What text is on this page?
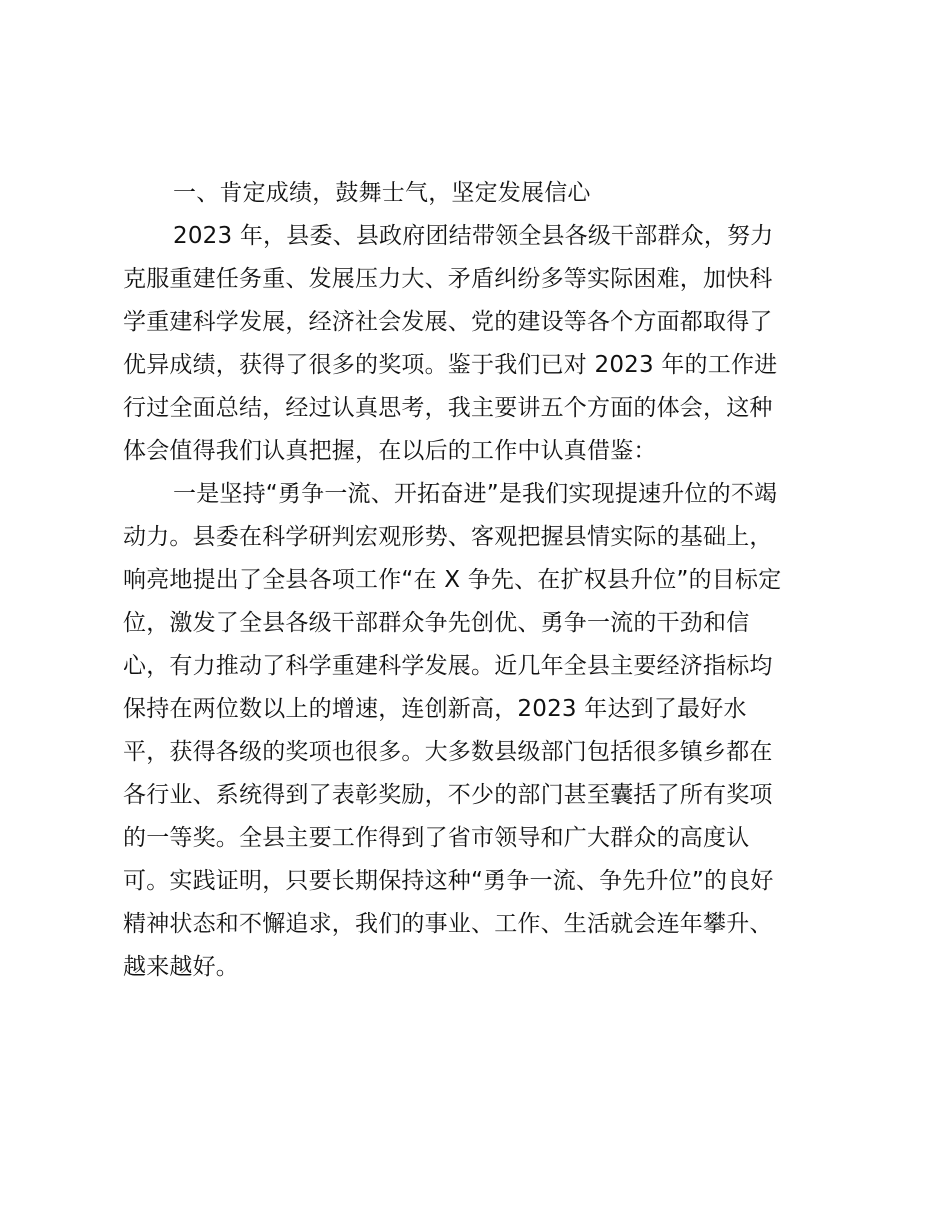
一、肯定成绩，鼓舞士气，坚定发展信心
2023 年，县委、县政府团结带领全县各级干部群众，努力
克服重建任务重、发展压力大、矛盾纠纷多等实际困难，加快科
学重建科学发展，经济社会发展、党的建设等各个方面都取得了
优异成绩，获得了很多的奖项。鉴于我们已对 2023 年的工作进
行过全面总结，经过认真思考，我主要讲五个方面的体会，这种
体会值得我们认真把握，在以后的工作中认真借鉴：
一是坚持“勇争一流、开拓奋进”是我们实现提速升位的不竭
动力。县委在科学研判宏观形势、客观把握县情实际的基础上，
响亮地提出了全县各项工作“在 X 争先、在扩权县升位”的目标定
位，激发了全县各级干部群众争先创优、勇争一流的干劲和信
心，有力推动了科学重建科学发展。近几年全县主要经济指标均
保持在两位数以上的增速，连创新高，2023 年达到了最好水
平，获得各级的奖项也很多。大多数县级部门包括很多镇乡都在
各行业、系统得到了表彰奖励，不少的部门甚至囊括了所有奖项
的一等奖。全县主要工作得到了省市领导和广大群众的高度认
可。实践证明，只要长期保持这种“勇争一流、争先升位”的良好
精神状态和不懈追求，我们的事业、工作、生活就会连年攀升、
越来越好。
